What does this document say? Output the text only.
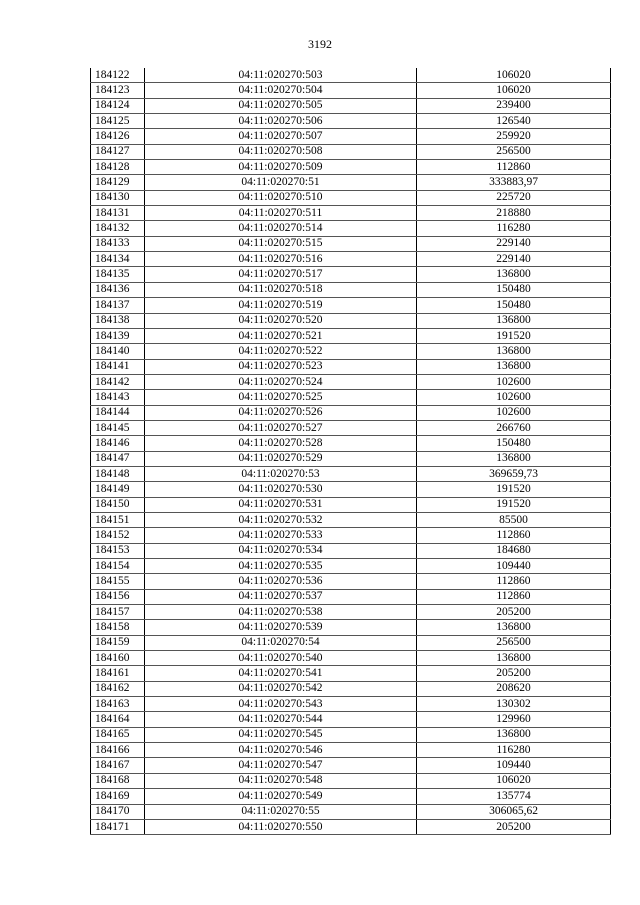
3192
184122	04:11:020270:503	106020
184123	04:11:020270:504	106020
184124	04:11:020270:505	239400
184125	04:11:020270:506	126540
184126	04:11:020270:507	259920
184127	04:11:020270:508	256500
184128	04:11:020270:509	112860
184129	04:11:020270:51	333883,97
184130	04:11:020270:510	225720
184131	04:11:020270:511	218880
184132	04:11:020270:514	116280
184133	04:11:020270:515	229140
184134	04:11:020270:516	229140
184135	04:11:020270:517	136800
184136	04:11:020270:518	150480
184137	04:11:020270:519	150480
184138	04:11:020270:520	136800
184139	04:11:020270:521	191520
184140	04:11:020270:522	136800
184141	04:11:020270:523	136800
184142	04:11:020270:524	102600
184143	04:11:020270:525	102600
184144	04:11:020270:526	102600
184145	04:11:020270:527	266760
184146	04:11:020270:528	150480
184147	04:11:020270:529	136800
184148	04:11:020270:53	369659,73
184149	04:11:020270:530	191520
184150	04:11:020270:531	191520
184151	04:11:020270:532	85500
184152	04:11:020270:533	112860
184153	04:11:020270:534	184680
184154	04:11:020270:535	109440
184155	04:11:020270:536	112860
184156	04:11:020270:537	112860
184157	04:11:020270:538	205200
184158	04:11:020270:539	136800
184159	04:11:020270:54	256500
184160	04:11:020270:540	136800
184161	04:11:020270:541	205200
184162	04:11:020270:542	208620
184163	04:11:020270:543	130302
184164	04:11:020270:544	129960
184165	04:11:020270:545	136800
184166	04:11:020270:546	116280
184167	04:11:020270:547	109440
184168	04:11:020270:548	106020
184169	04:11:020270:549	135774
184170	04:11:020270:55	306065,62
184171	04:11:020270:550	205200
